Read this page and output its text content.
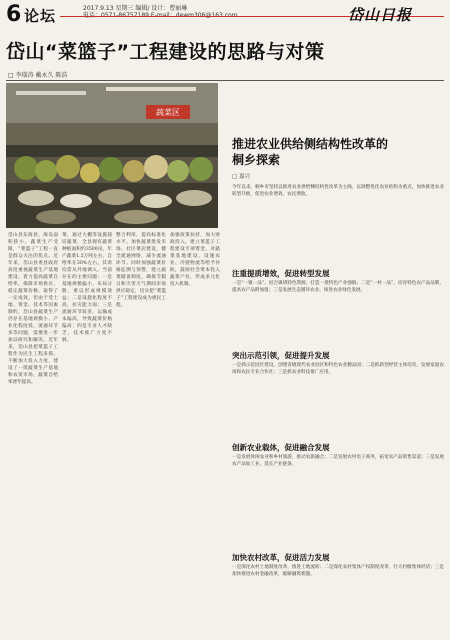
6 论坛	2017.9.13 星期三 编辑/ 设计：曹丽琳	岱山日报
岱山“菜篮子”工程建设的思路与对策
□ 李瑞涛 戴永久 陈浩
蔬菜区
岱山县东海县，海岛面积狭小，蔬菜生产受限，“菜篮子”工程一直是群众关注的焦点。近年来，岱山县委县政府高度重视蔬菜生产基地建设，着力提高蔬菜自给率，保障市场供应，稳定蔬菜价格，取得了一定成效。但由于受土地、资金、技术等因素制约，岱山县蔬菜生产仍存在基地规模小、产业化程度低、流通环节多等问题，需要进一步加以研究和解决。近年来，岱山县把菜篮子工程作为民生工程来抓，不断加大投入力度，建设了一批蔬菜生产基地和农贸市场，蔬菜自给率逐年提高。
菜，通过大棚等设施栽培蔬菜，全县现有蔬菜种植面积约3500亩，年产蔬菜1.5万吨左右，自给率在30%左右，其余均需从外地调入。当前存在的主要问题：一是基地规模偏小，布局分散，难以形成规模效益；二是设施化程度不高，抗灾能力弱；三是流通环节较多，运输成本偏高，导致蔬菜价格偏高；四是专业人才缺乏，技术推广力度不够。
整合利用，提高标准化水平。加快蔬菜批发市场、社区菜店建设，健全流通网络，减少流通环节。同时加强蔬菜价格监测与预警，建立蔬菜储备制度，确保节假日和灾害天气期间市场供应稳定，切实把“菜篮子”工程建设成为惠民工程。
加强政策扶持，加大财政投入，建立菜篮子工程建设专项资金，对蔬菜基地建设、设施农业、冷链物流等给予补助，鼓励社会资本投入蔬菜产业，形成多元化投入机制。
推进农业供给侧结构性改革的
桐乡探索
□ 嘉兴
今年以来，桐乡市坚持以推进农业供给侧结构性改革为主线，以调整优化农业结构为重点，加快推进农业转型升级，促进农业增效、农民增收。
注重提质增效，促进转型发展
一是“一镇一品”。结合镇域特色资源，打造一批特色产业强镇；二是“一村一品”。培育特色农产品品牌，提高农产品附加值；三是发展生态循环农业，推进农业绿色发展。
突出示范引领，促进提升发展
一是抓示范园区建设，创建省级现代农业园区和特色农业精品园；二是抓新型经营主体培育，发展家庭农场和农民专业合作社；三是抓农业科技推广应用。
创新农业载体，促进融合发展
一是发展休闲农业和乡村旅游，推动农旅融合；二是发展农村电子商务，拓宽农产品销售渠道；三是发展农产品加工业，延长产业链条。
加快农村改革，促进活力发展
一是深化农村土地制度改革，推进土地流转；二是深化农村集体产权制度改革，壮大村级集体经济；三是加快推进农村金融改革，破解融资难题。
